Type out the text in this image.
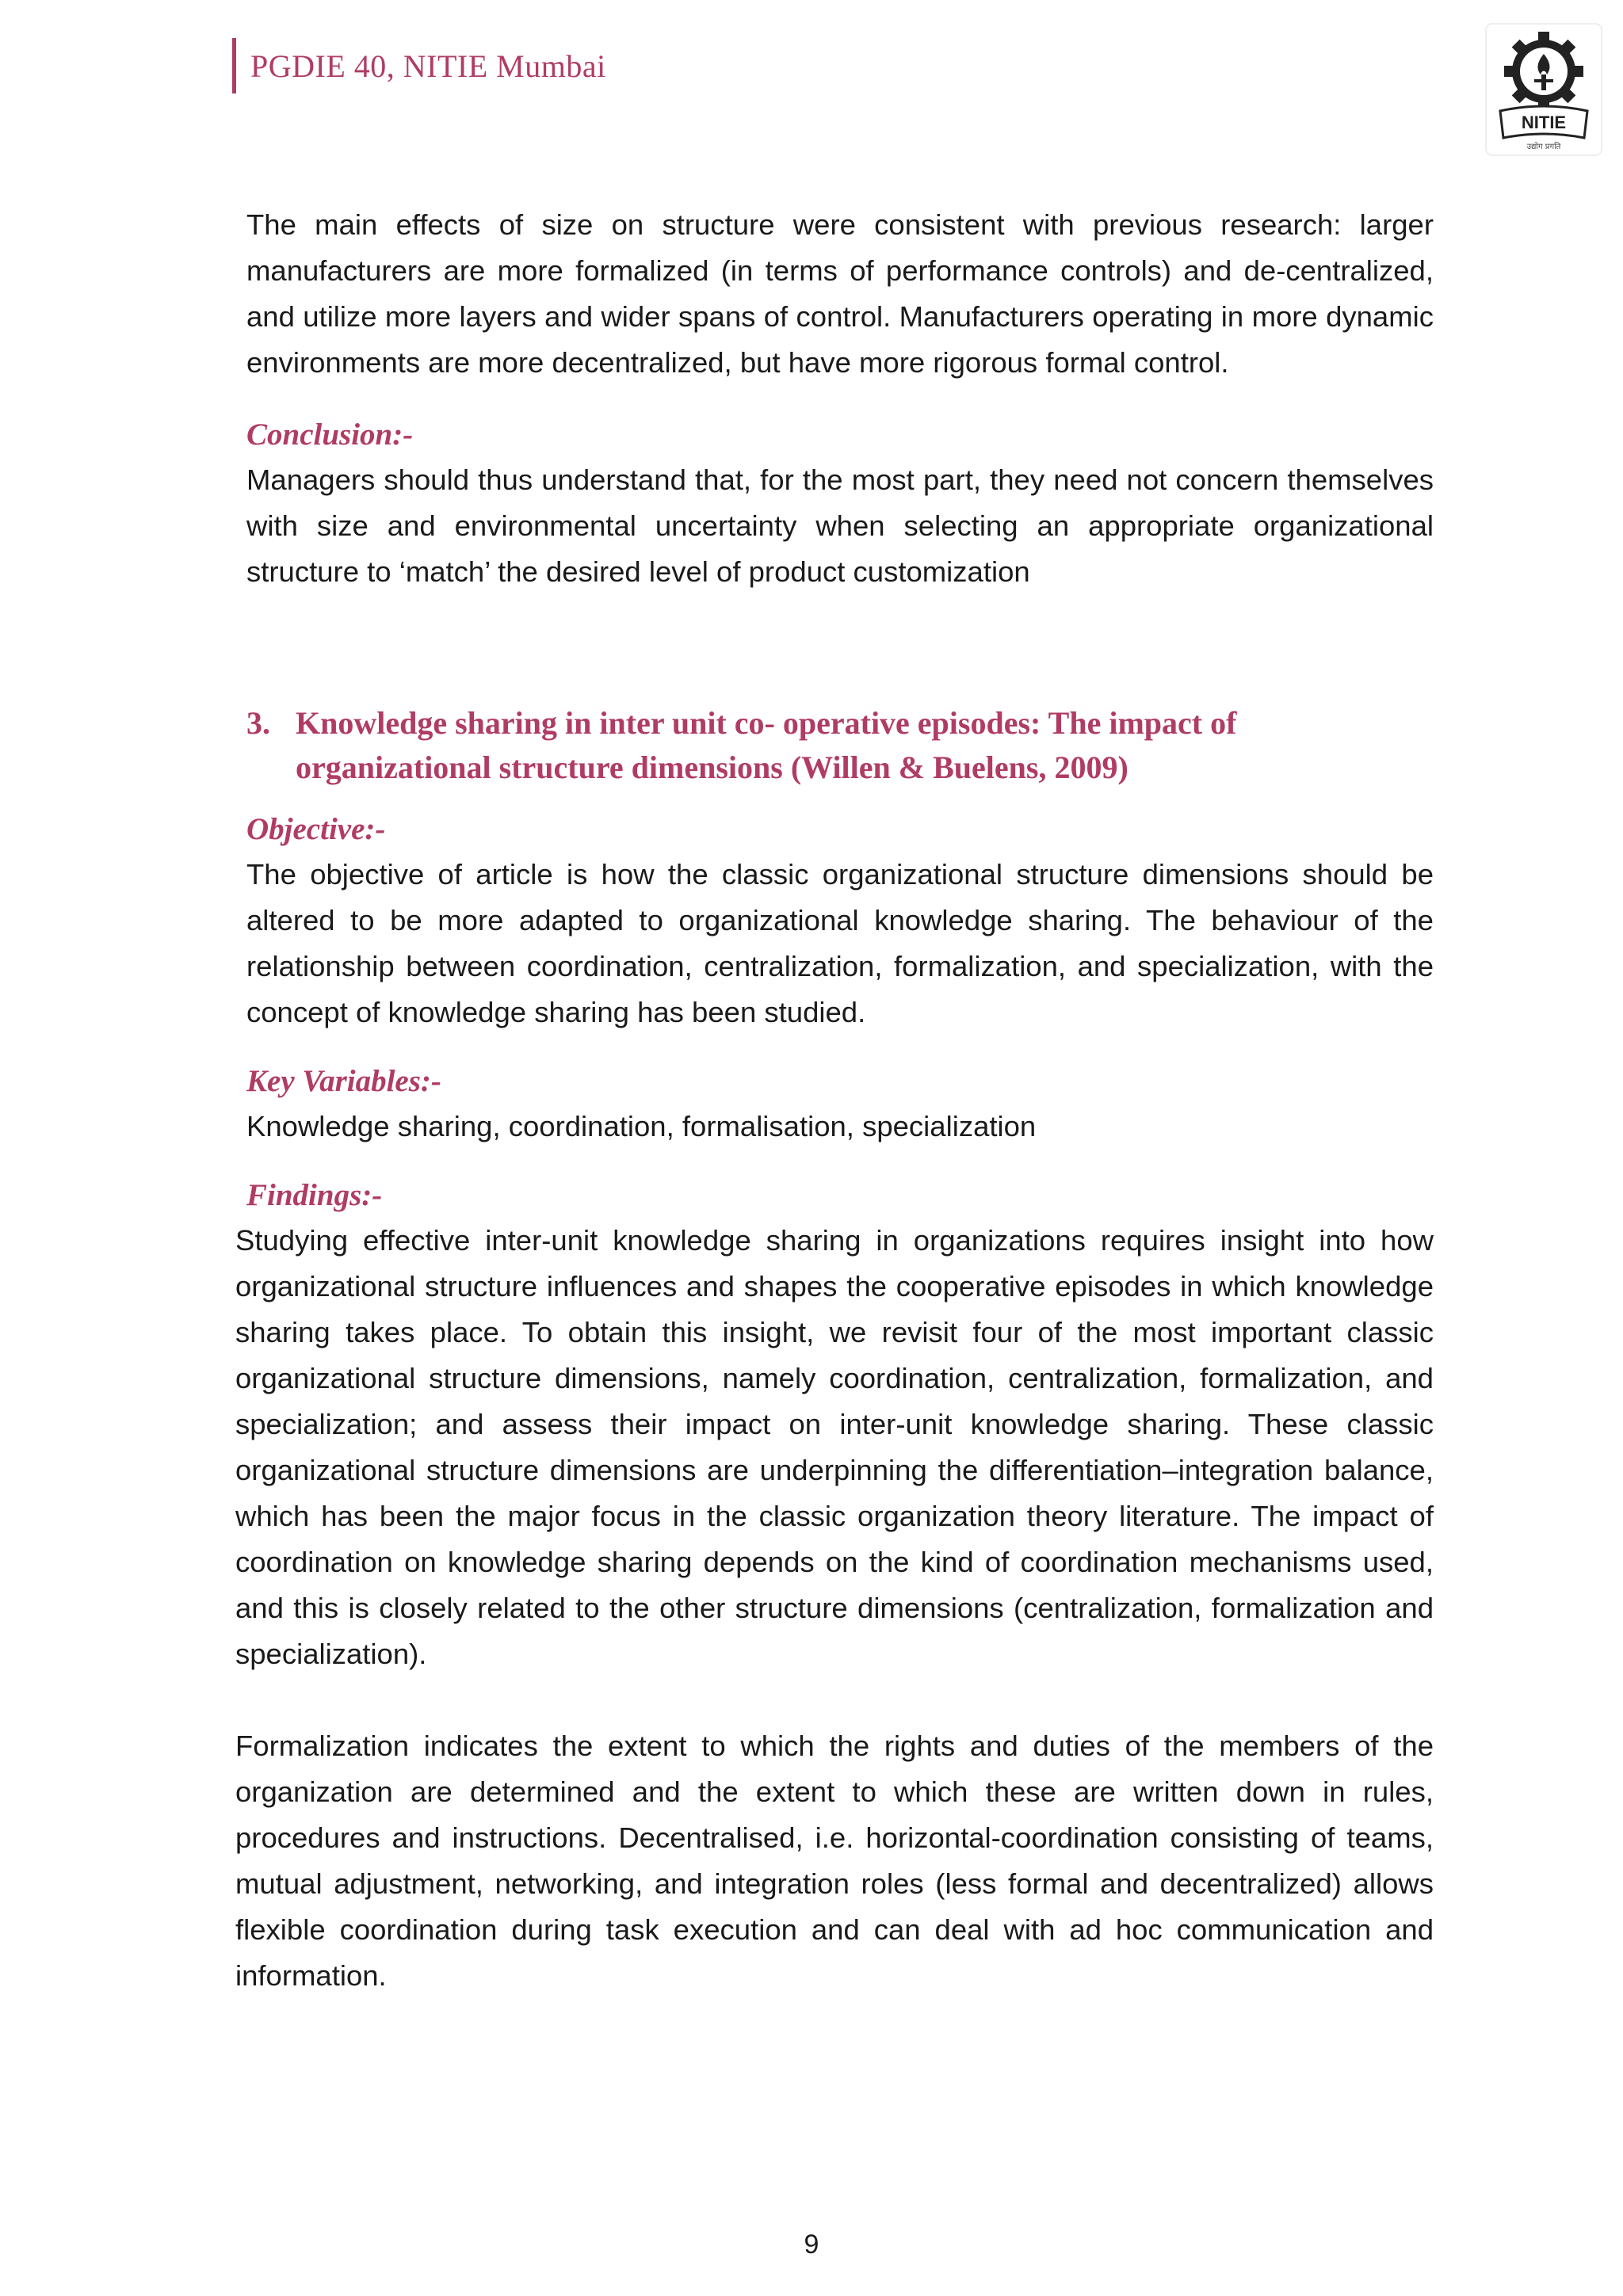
PGDIE 40, NITIE Mumbai
NITIE
उद्योग प्रगति

The main effects of size on structure were consistent with previous research: larger manufacturers are more formalized (in terms of performance controls) and de-centralized, and utilize more layers and wider spans of control. Manufacturers operating in more dynamic environments are more decentralized, but have more rigorous formal control.

Conclusion:-

Managers should thus understand that, for the most part, they need not concern themselves with size and environmental uncertainty when selecting an appropriate organizational structure to ‘match’ the desired level of product customization

3. Knowledge sharing in inter unit co- operative episodes: The impact of organizational structure dimensions (Willen & Buelens, 2009)

Objective:-

The objective of article is how the classic organizational structure dimensions should be altered to be more adapted to organizational knowledge sharing. The behaviour of the relationship between coordination, centralization, formalization, and specialization, with the concept of knowledge sharing has been studied.

Key Variables:-

Knowledge sharing, coordination, formalisation, specialization

Findings:-

Studying effective inter-unit knowledge sharing in organizations requires insight into how organizational structure influences and shapes the cooperative episodes in which knowledge sharing takes place. To obtain this insight, we revisit four of the most important classic organizational structure dimensions, namely coordination, centralization, formalization, and specialization; and assess their impact on inter-unit knowledge sharing. These classic organizational structure dimensions are underpinning the differentiation–integration balance, which has been the major focus in the classic organization theory literature. The impact of coordination on knowledge sharing depends on the kind of coordination mechanisms used, and this is closely related to the other structure dimensions (centralization, formalization and specialization).

Formalization indicates the extent to which the rights and duties of the members of the organization are determined and the extent to which these are written down in rules, procedures and instructions. Decentralised, i.e. horizontal-coordination consisting of teams, mutual adjustment, networking, and integration roles (less formal and decentralized) allows flexible coordination during task execution and can deal with ad hoc communication and information.

9
